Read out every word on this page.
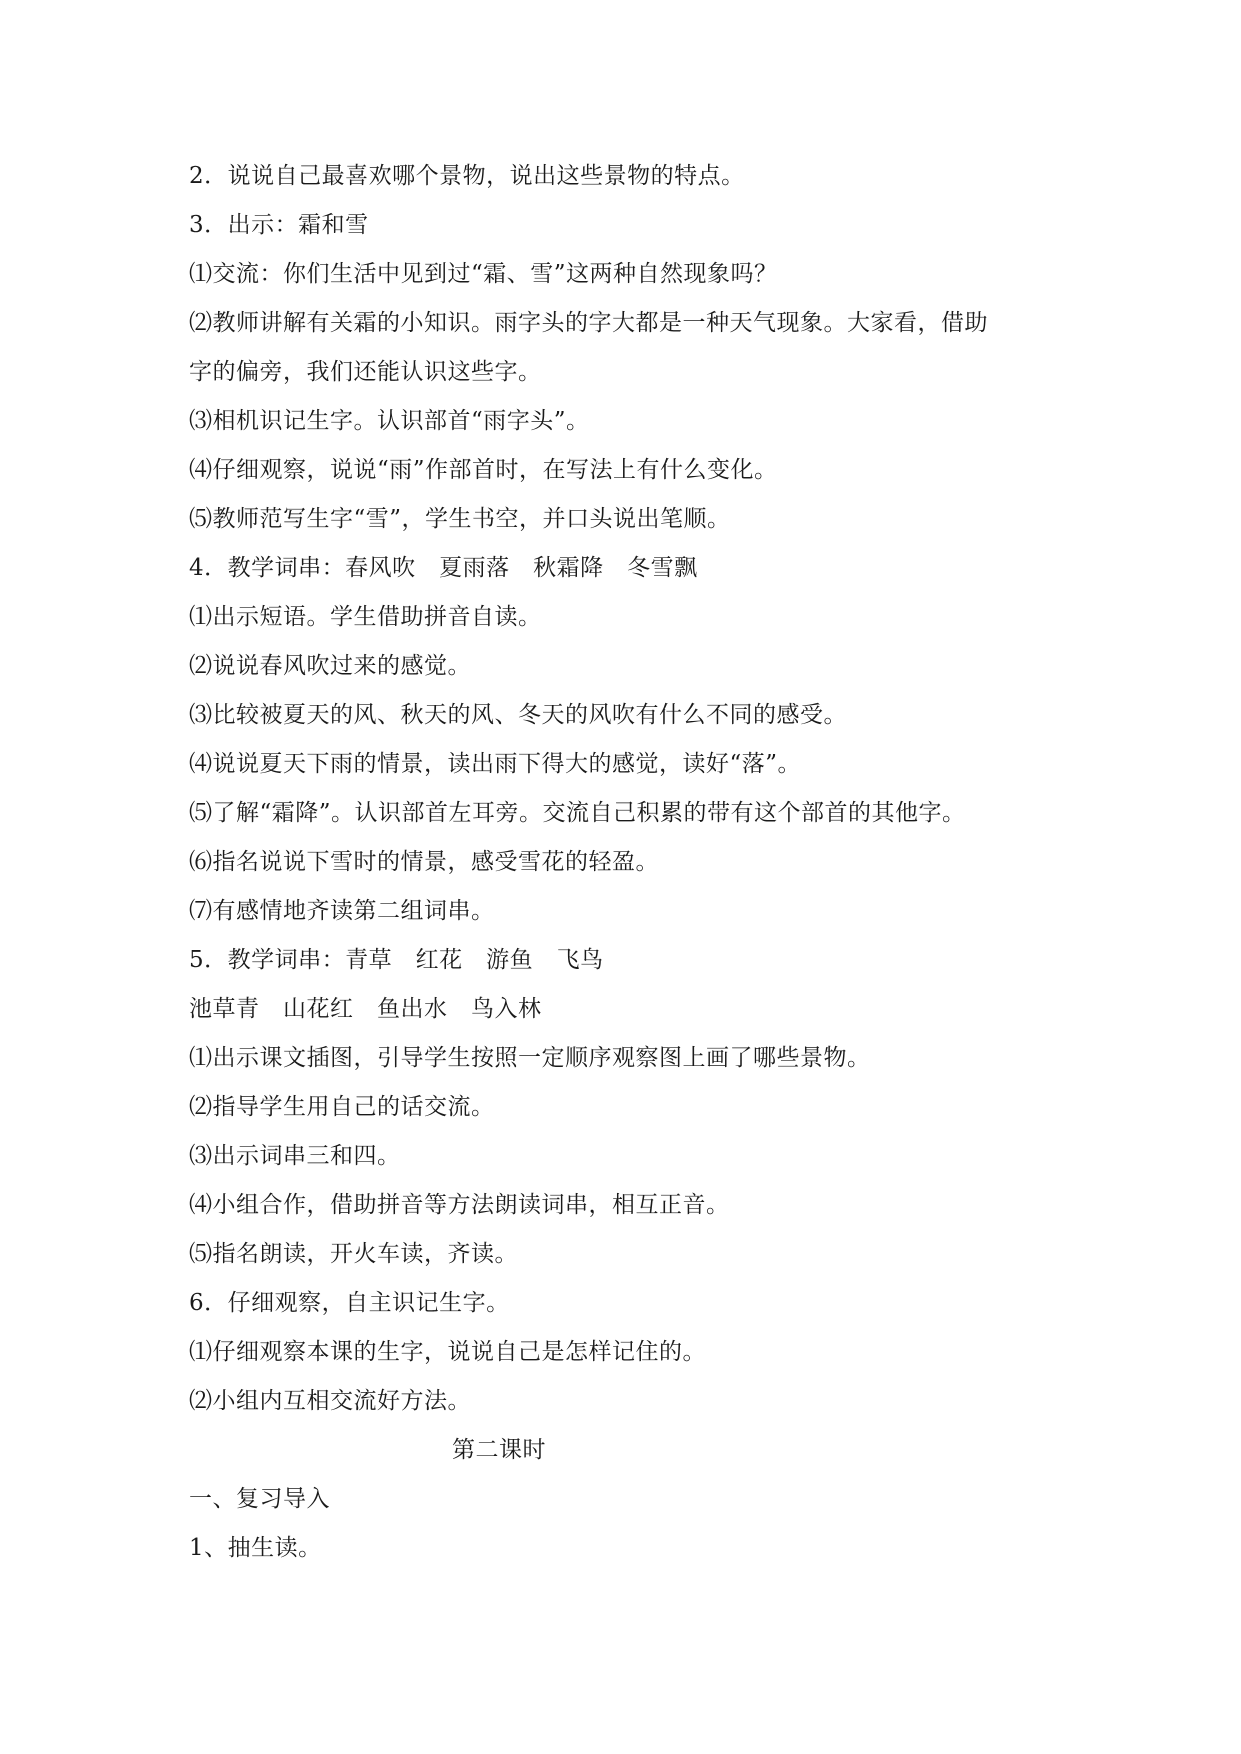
2．说说自己最喜欢哪个景物，说出这些景物的特点。
3．出示：霜和雪
⑴交流：你们生活中见到过“霜、雪”这两种自然现象吗？
⑵教师讲解有关霜的小知识。雨字头的字大都是一种天气现象。大家看，借助
字的偏旁，我们还能认识这些字。
⑶相机识记生字。认识部首“雨字头”。
⑷仔细观察，说说“雨”作部首时，在写法上有什么变化。
⑸教师范写生字“雪”，学生书空，并口头说出笔顺。
4．教学词串：春风吹　夏雨落　秋霜降　冬雪飘
⑴出示短语。学生借助拼音自读。
⑵说说春风吹过来的感觉。
⑶比较被夏天的风、秋天的风、冬天的风吹有什么不同的感受。
⑷说说夏天下雨的情景，读出雨下得大的感觉，读好“落”。
⑸了解“霜降”。认识部首左耳旁。交流自己积累的带有这个部首的其他字。
⑹指名说说下雪时的情景，感受雪花的轻盈。
⑺有感情地齐读第二组词串。
5．教学词串：青草　红花　游鱼　飞鸟
池草青　山花红　鱼出水　鸟入林
⑴出示课文插图，引导学生按照一定顺序观察图上画了哪些景物。
⑵指导学生用自己的话交流。
⑶出示词串三和四。
⑷小组合作，借助拼音等方法朗读词串，相互正音。
⑸指名朗读，开火车读，齐读。
6．仔细观察，自主识记生字。
⑴仔细观察本课的生字，说说自己是怎样记住的。
⑵小组内互相交流好方法。
第二课时
一、复习导入
1、抽生读。
